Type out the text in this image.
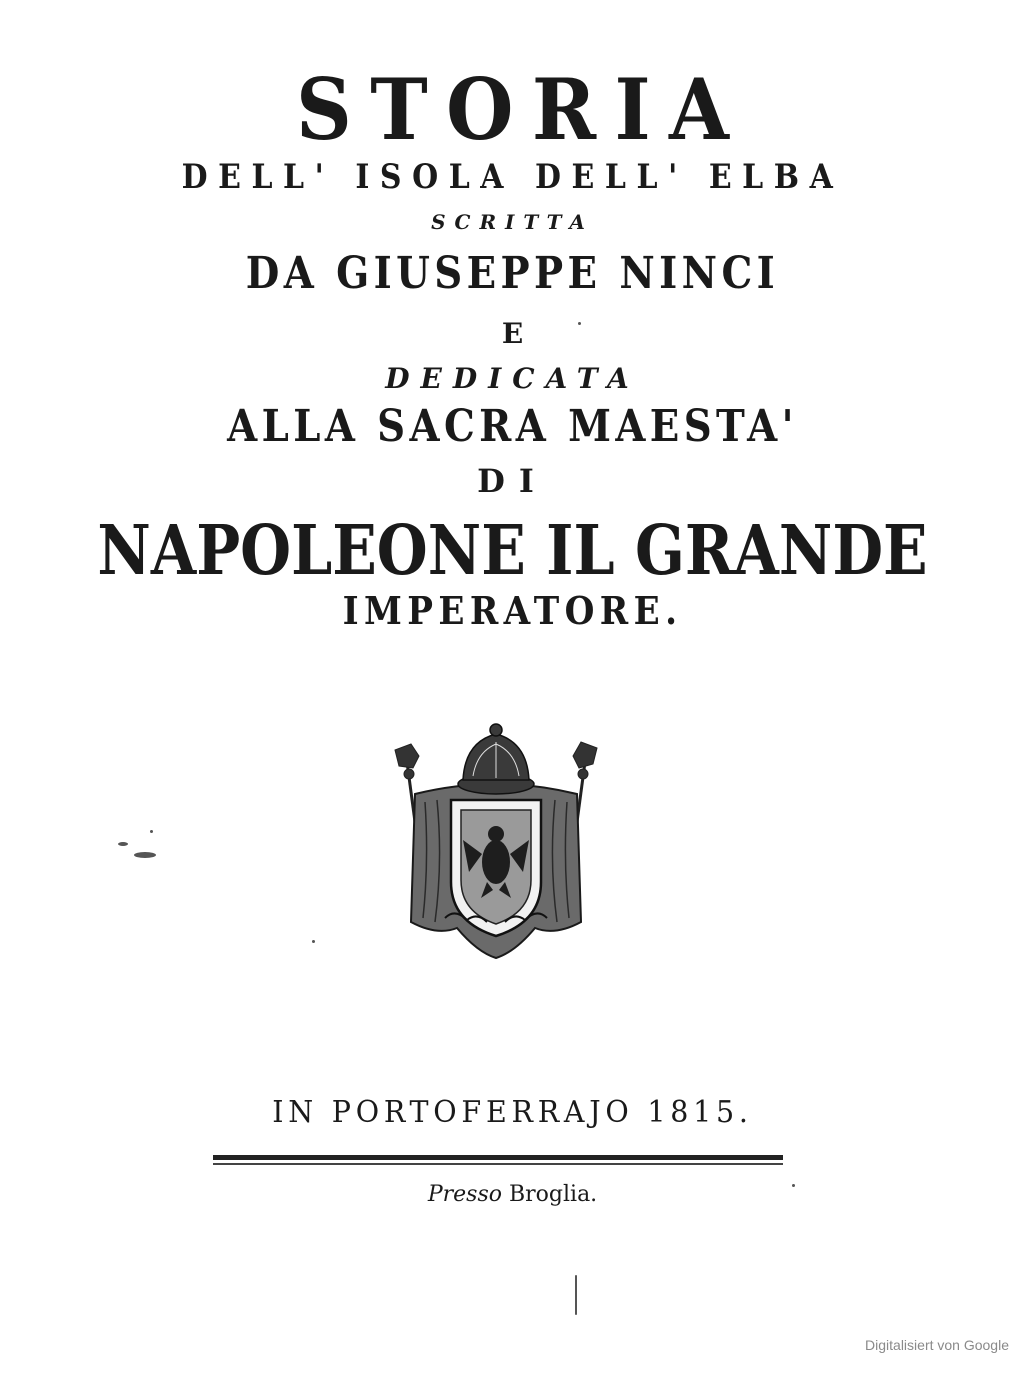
STORIA
DELL' ISOLA DELL' ELBA
SCRITTA
DA GIUSEPPE NINCI
E
DEDICATA
ALLA SACRA MAESTA'
DI
NAPOLEONE IL GRANDE
IMPERATORE.
IN PORTOFERRAJO 1815.
Presso Broglia.
Digitalisiert von Google
